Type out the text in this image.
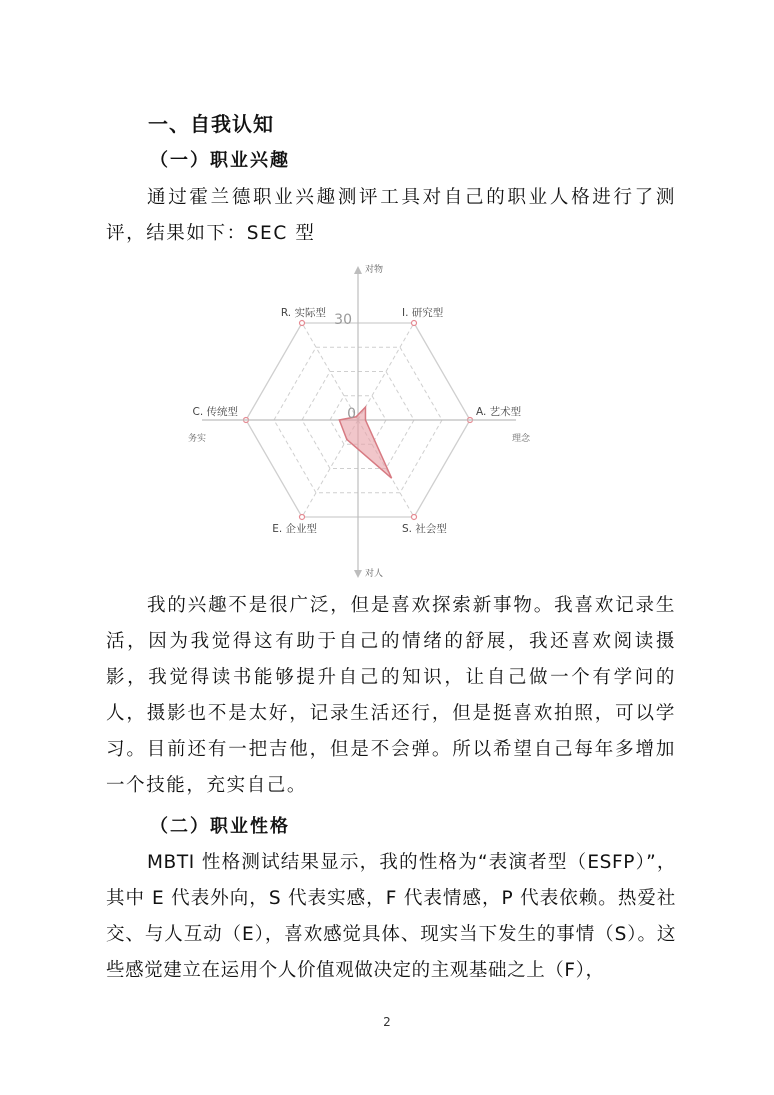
一、自我认知
（一）职业兴趣

通过霍兰德职业兴趣测评工具对自己的职业人格进行了测评，结果如下：SEC 型

I. 研究型
A. 艺术型
S. 社会型
E. 企业型
C. 传统型
R. 实际型
对物
对人
务实	理念
30
0

我的兴趣不是很广泛，但是喜欢探索新事物。我喜欢记录生活，因为我觉得这有助于自己的情绪的舒展，我还喜欢阅读摄影，我觉得读书能够提升自己的知识，让自己做一个有学问的人，摄影也不是太好，记录生活还行，但是挺喜欢拍照，可以学习。目前还有一把吉他，但是不会弹。所以希望自己每年多增加一个技能，充实自己。

（二）职业性格

MBTI 性格测试结果显示，我的性格为“表演者型（ESFP）”，其中 E 代表外向，S 代表实感，F 代表情感，P 代表依赖。热爱社交、与人互动（E），喜欢感觉具体、现实当下发生的事情（S）。这些感觉建立在运用个人价值观做决定的主观基础之上（F），

2
